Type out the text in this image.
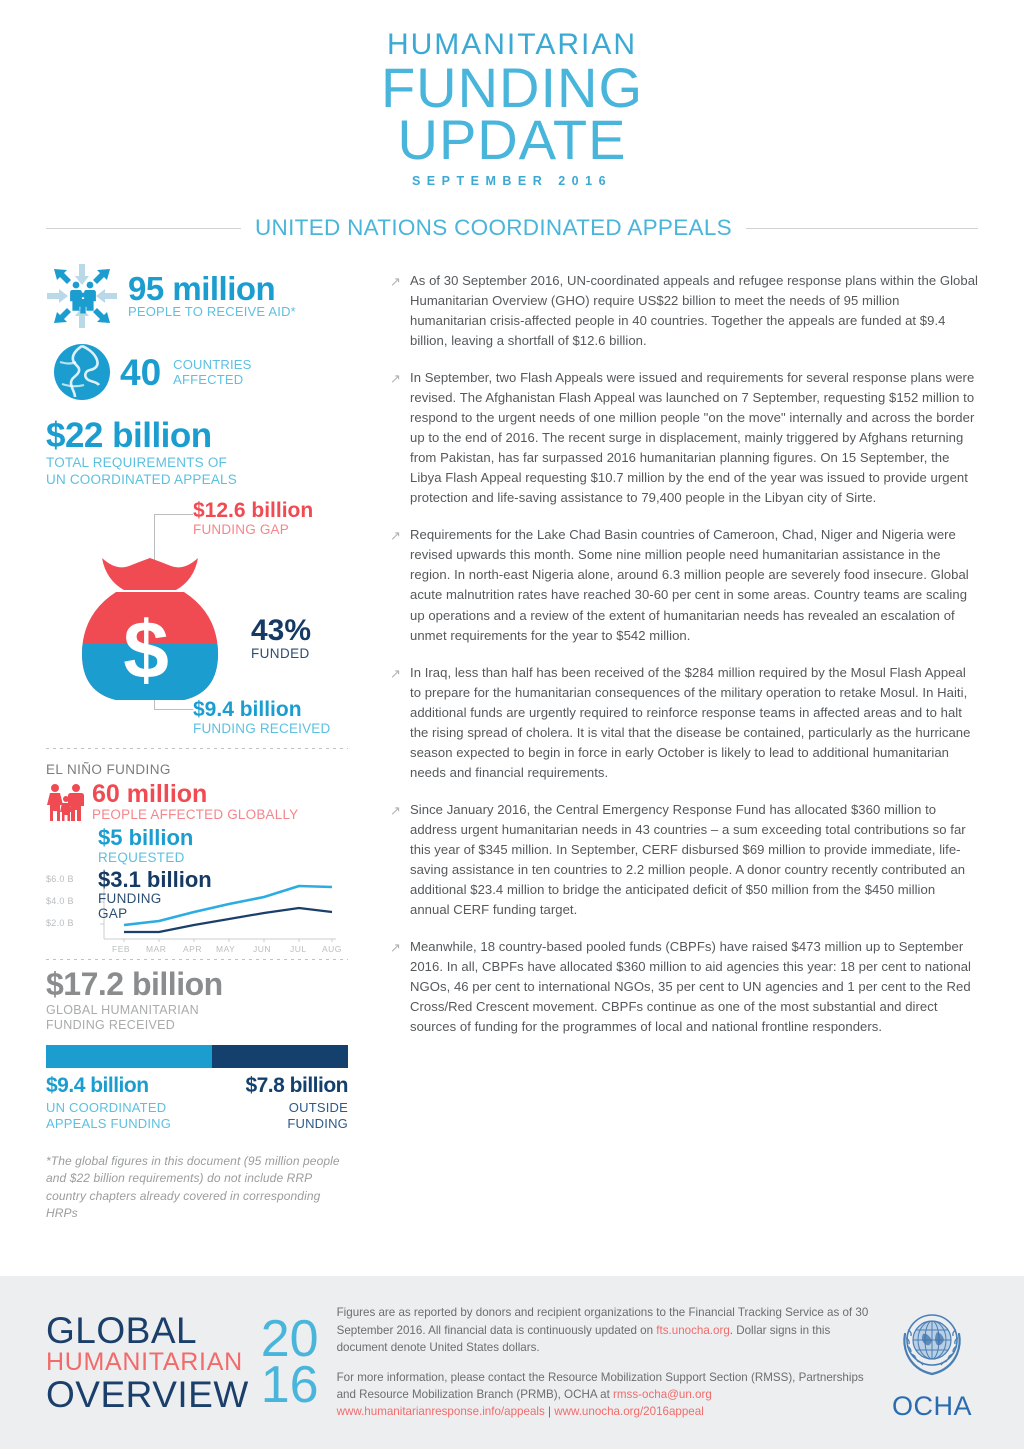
HUMANITARIAN
FUNDING
UPDATE
SEPTEMBER 2016
UNITED NATIONS COORDINATED APPEALS
95 million
PEOPLE TO RECEIVE AID*
40 COUNTRIES
AFFECTED
$22 billion
TOTAL REQUIREMENTS OF
UN COORDINATED APPEALS
$12.6 billion
FUNDING GAP
$	43%
FUNDED
$9.4 billion
FUNDING RECEIVED
EL NIÑO FUNDING
60 million
PEOPLE AFFECTED GLOBALLY
$5 billion
REQUESTED
$3.1 billion
FUNDING
GAP
$6.0 B
$4.0 B
$2.0 B
FEB MAR APR MAY JUN JUL AUG
$17.2 billion
GLOBAL HUMANITARIAN
FUNDING RECEIVED
$9.4 billion
UN COORDINATED
APPEALS FUNDING
$7.8 billion
OUTSIDE
FUNDING
*The global figures in this document (95 million people and $22 billion requirements) do not include RRP country chapters already covered in corresponding HRPs
↗ As of 30 September 2016, UN-coordinated appeals and refugee response plans within the Global Humanitarian Overview (GHO) require US$22 billion to meet the needs of 95 million humanitarian crisis-affected people in 40 countries. Together the appeals are funded at $9.4 billion, leaving a shortfall of $12.6 billion.
↗ In September, two Flash Appeals were issued and requirements for several response plans were revised. The Afghanistan Flash Appeal was launched on 7 September, requesting $152 million to respond to the urgent needs of one million people "on the move" internally and across the border up to the end of 2016. The recent surge in displacement, mainly triggered by Afghans returning from Pakistan, has far surpassed 2016 humanitarian planning figures. On 15 September, the Libya Flash Appeal requesting $10.7 million by the end of the year was issued to provide urgent protection and life-saving assistance to 79,400 people in the Libyan city of Sirte.
↗ Requirements for the Lake Chad Basin countries of Cameroon, Chad, Niger and Nigeria were revised upwards this month. Some nine million people need humanitarian assistance in the region. In north-east Nigeria alone, around 6.3 million people are severely food insecure. Global acute malnutrition rates have reached 30-60 per cent in some areas. Country teams are scaling up operations and a review of the extent of humanitarian needs has revealed an escalation of unmet requirements for the year to $542 million.
↗ In Iraq, less than half has been received of the $284 million required by the Mosul Flash Appeal to prepare for the humanitarian consequences of the military operation to retake Mosul. In Haiti, additional funds are urgently required to reinforce response teams in affected areas and to halt the rising spread of cholera. It is vital that the disease be contained, particularly as the hurricane season expected to begin in force in early October is likely to lead to additional humanitarian needs and financial requirements.
↗ Since January 2016, the Central Emergency Response Fund has allocated $360 million to address urgent humanitarian needs in 43 countries – a sum exceeding total contributions so far this year of $345 million. In September, CERF disbursed $69 million to provide immediate, life-saving assistance in ten countries to 2.2 million people. A donor country recently contributed an additional $23.4 million to bridge the anticipated deficit of $50 million from the $450 million annual CERF funding target.
↗ Meanwhile, 18 country-based pooled funds (CBPFs) have raised $473 million up to September 2016. In all, CBPFs have allocated $360 million to aid agencies this year: 18 per cent to national NGOs, 46 per cent to international NGOs, 35 per cent to UN agencies and 1 per cent to the Red Cross/Red Crescent movement. CBPFs continue as one of the most substantial and direct sources of funding for the programmes of local and national frontline responders.
GLOBAL
HUMANITARIAN
OVERVIEW
20
16
Figures are as reported by donors and recipient organizations to the Financial Tracking Service as of 30 September 2016. All financial data is continuously updated on fts.unocha.org. Dollar signs in this document denote United States dollars.
For more information, please contact the Resource Mobilization Support Section (RMSS), Partnerships and Resource Mobilization Branch (PRMB), OCHA at rmss-ocha@un.org
www.humanitarianresponse.info/appeals | www.unocha.org/2016appeal	OCHA
